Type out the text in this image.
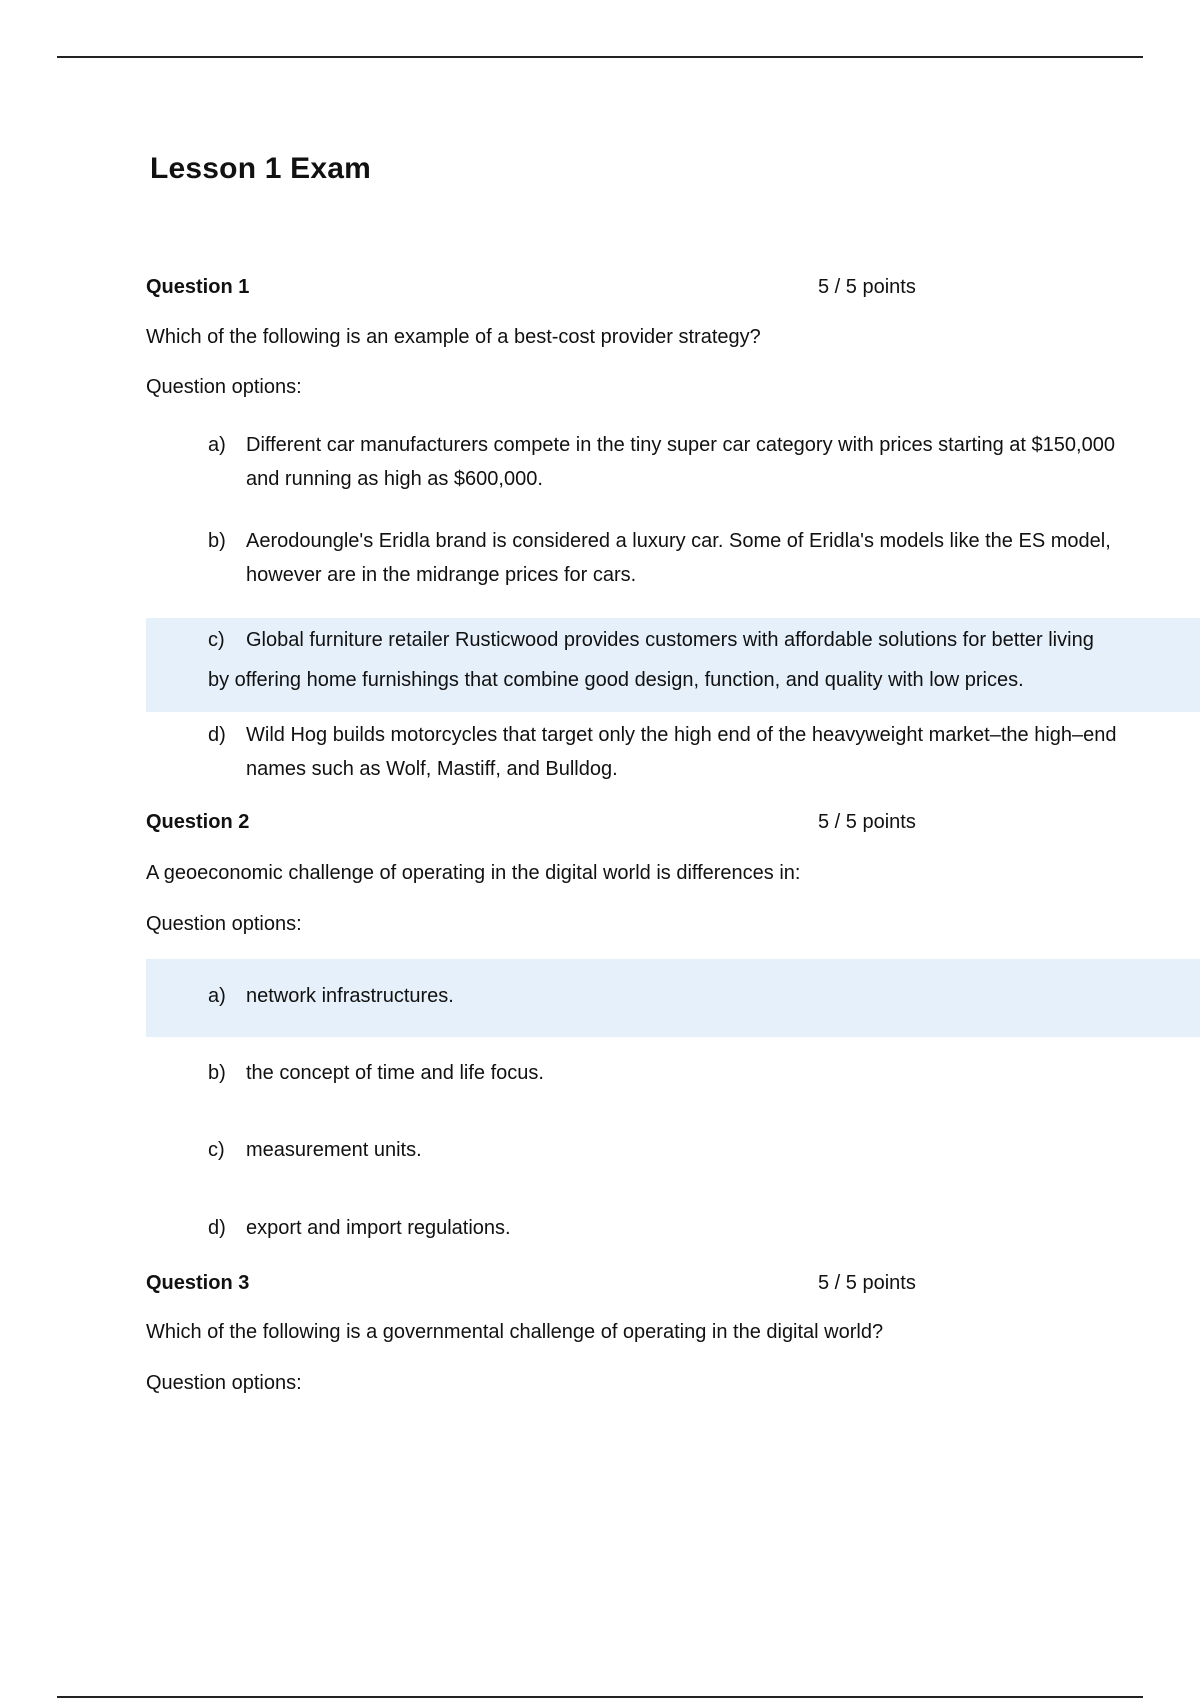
Lesson 1 Exam
Question 1	5 / 5 points
Which of the following is an example of a best-cost provider strategy?
Question options:
a) Different car manufacturers compete in the tiny super car category with prices starting at $150,000
and running as high as $600,000.
b) Aerodoungle's Eridla brand is considered a luxury car. Some of Eridla's models like the ES model,
however are in the midrange prices for cars.
c) Global furniture retailer Rusticwood provides customers with affordable solutions for better living
by offering home furnishings that combine good design, function, and quality with low prices.
d) Wild Hog builds motorcycles that target only the high end of the heavyweight market–the high–end
names such as Wolf, Mastiff, and Bulldog.
Question 2	5 / 5 points
A geoeconomic challenge of operating in the digital world is differences in:
Question options:
a) network infrastructures.
b) the concept of time and life focus.
c) measurement units.
d) export and import regulations.
Question 3	5 / 5 points
Which of the following is a governmental challenge of operating in the digital world?
Question options:
